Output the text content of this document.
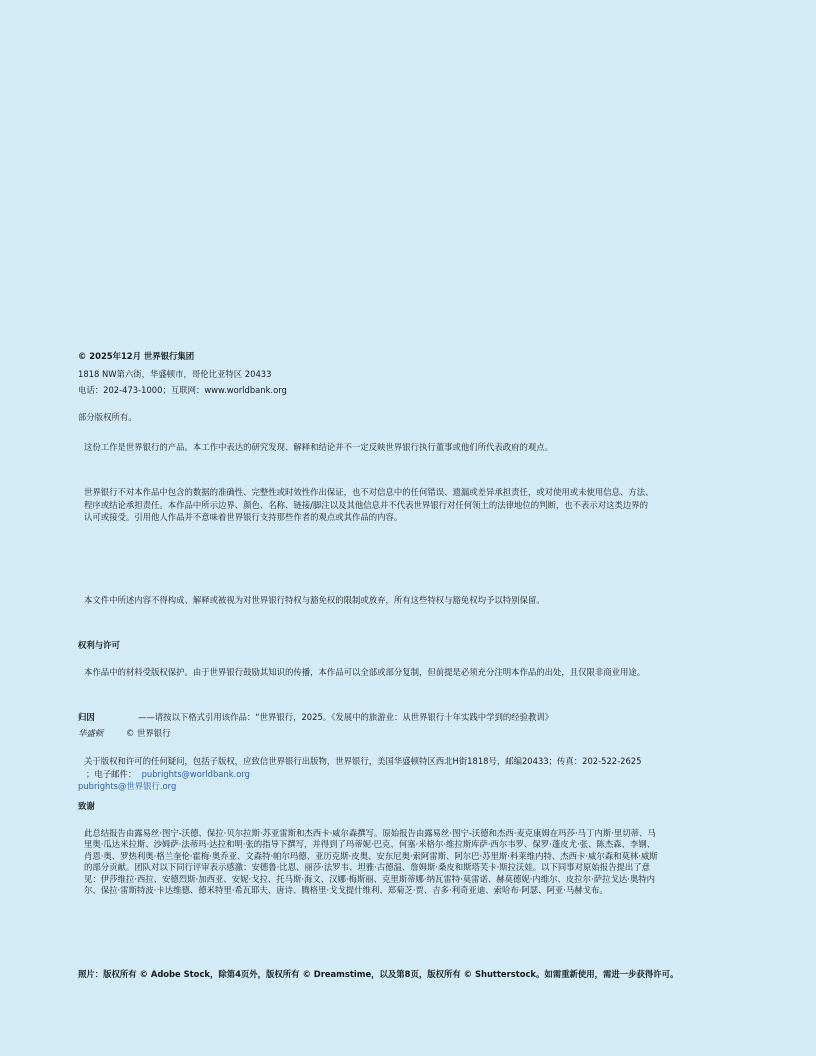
© 2025年12月 世界银行集团
1818 NW第六街，华盛顿市，哥伦比亚特区 20433
电话：202-473-1000；互联网：www.worldbank.org
部分版权所有。
这份工作是世界银行的产品。本工作中表达的研究发现、解释和结论并不一定反映世界银行执行董事或他们所代表政府的观点。
世界银行不对本作品中包含的数据的准确性、完整性或时效性作出保证，也不对信息中的任何错误、遗漏或差异承担责任，或对使用或未使用信息、方法、
程序或结论承担责任。本作品中所示边界、颜色、名称、链接/脚注以及其他信息并不代表世界银行对任何领土的法律地位的判断，也不表示对这类边界的
认可或接受。引用他人作品并不意味着世界银行支持那些作者的观点或其作品的内容。
本文件中所述内容不得构成、解释或被视为对世界银行特权与豁免权的限制或放弃，所有这些特权与豁免权均予以特别保留。
权利与许可
本作品中的材料受版权保护。由于世界银行鼓励其知识的传播，本作品可以全部或部分复制，但前提是必须充分注明本作品的出处，且仅限非商业用途。
归因	——请按以下格式引用该作品：“世界银行，2025。《发展中的旅游业：从世界银行十年实践中学到的经验教训》
华盛顿	© 世界银行
关于版权和许可的任何疑问，包括子版权，应致信世界银行出版物，世界银行，美国华盛顿特区西北H街1818号，邮编20433；传真：202-522-2625
；电子邮件： pubrights@worldbank.org
pubrights@世界银行.org
致谢
此总结报告由露易丝·图宁-沃德、保拉·贝尔拉斯·苏亚雷斯和杰西卡·威尔森撰写。原始报告由露易丝·图宁-沃德和杰西·麦克康姆在玛莎·马丁内斯·里切蒂、马
里奥·瓜达米拉斯、沙姆萨·法蒂玛·达拉和明·张的指导下撰写，并得到了玛蒂妮·巴克、何塞·米格尔·维拉斯库萨·西尔韦罗、保罗·蓬皮尤·张、陈杰森、李钢、
肖恩·奥、罗热利奥·格兰奎伦·霍梅·奥乔亚、文森特·帕尔玛德、亚历克斯·皮奥、安东尼奥·索阿雷斯、阿尔巴·苏里斯·科莱维内特、杰西卡·威尔森和莫林·威斯
的部分贡献。团队对以下同行评审表示感激：安德鲁·比恩、丽莎·法罗韦、坦雅·古德温、詹姆斯·桑皮和斯塔芙卡·斯拉沃娃。以下同事对原始报告提出了意
见：伊莎维拉·西拉、安德烈斯·加西亚、安妮·戈拉、托马斯·海文、汉娜·梅斯丽、克里斯蒂娜·纳瓦雷特·莫雷诺、赫莫德妮·内维尔、皮拉尔·萨拉戈达·奥特内
尔、保拉·雷斯特波·卡达维德、德米特里·希瓦耶夫、唐诗、腾格里·戈戈提什维利、郑菊芝·贾、吉多·利奇亚迪、索哈布·阿瑟、阿亚·马赫戈布。
照片：版权所有 © Adobe Stock，除第4页外，版权所有 © Dreamstime，以及第8页，版权所有 © Shutterstock。如需重新使用，需进一步获得许可。
